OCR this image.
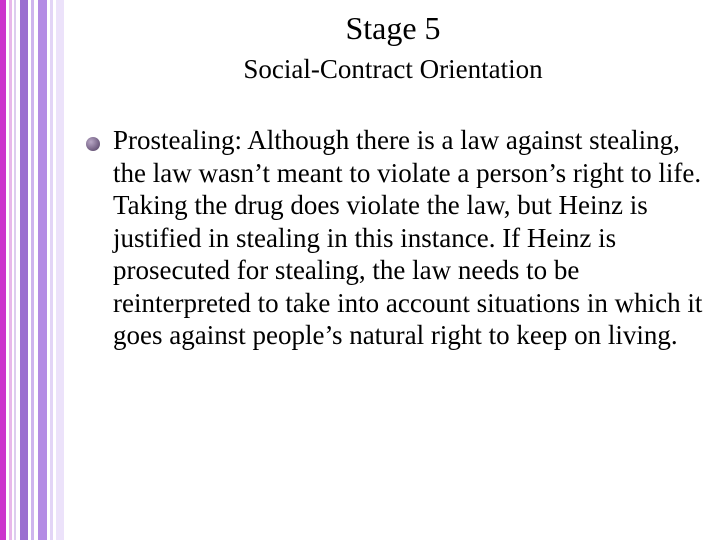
Stage 5
Social-Contract Orientation

Prostealing: Although there is a law against stealing, the law wasn’t meant to violate a person’s right to life. Taking the drug does violate the law, but Heinz is justified in stealing in this instance. If Heinz is prosecuted for stealing, the law needs to be reinterpreted to take into account situations in which it goes against people’s natural right to keep on living.
